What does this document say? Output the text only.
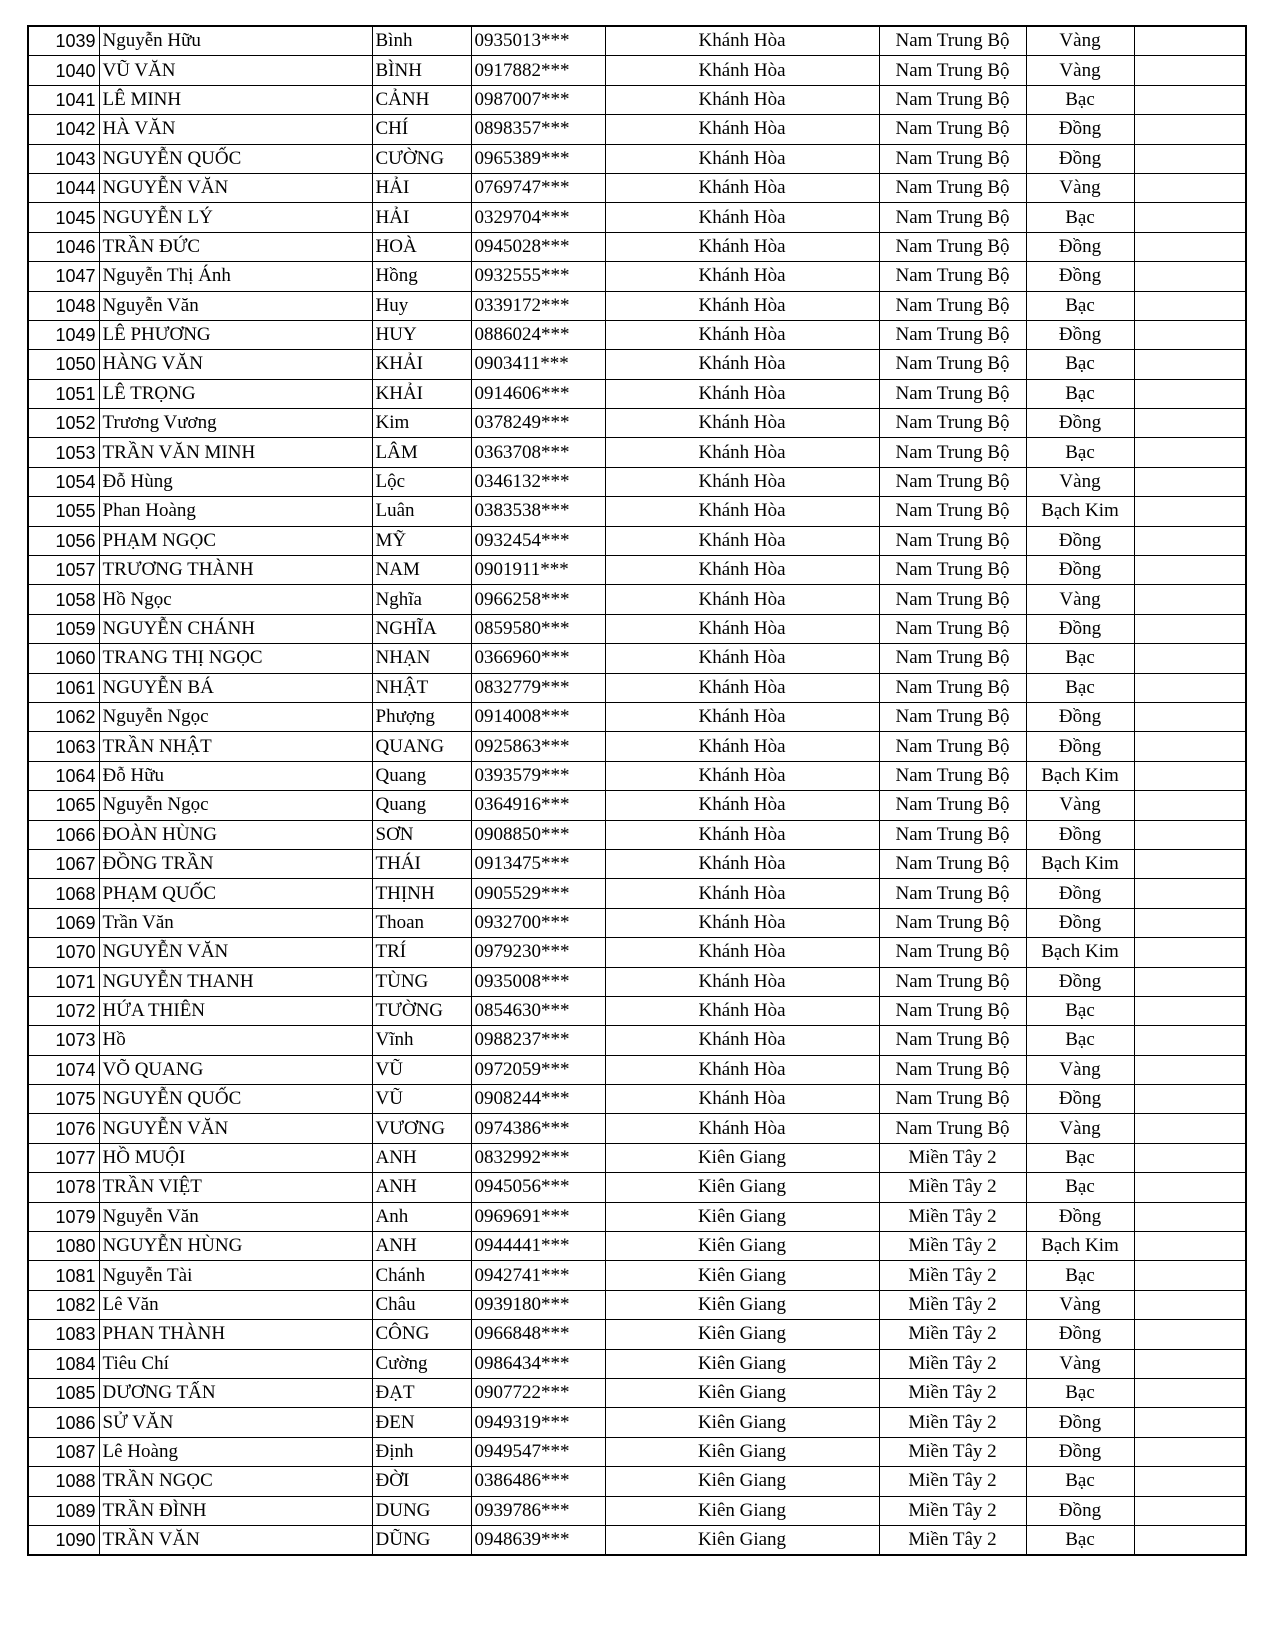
1039	Nguyễn Hữu	Bình	0935013***	Khánh Hòa	Nam Trung Bộ	Vàng	
1040	VŨ VĂN	BÌNH	0917882***	Khánh Hòa	Nam Trung Bộ	Vàng	
1041	LÊ MINH	CẢNH	0987007***	Khánh Hòa	Nam Trung Bộ	Bạc	
1042	HÀ VĂN	CHÍ	0898357***	Khánh Hòa	Nam Trung Bộ	Đồng	
1043	NGUYỄN QUỐC	CƯỜNG	0965389***	Khánh Hòa	Nam Trung Bộ	Đồng	
1044	NGUYỄN VĂN	HẢI	0769747***	Khánh Hòa	Nam Trung Bộ	Vàng	
1045	NGUYỄN LÝ	HẢI	0329704***	Khánh Hòa	Nam Trung Bộ	Bạc	
1046	TRẦN ĐỨC	HOÀ	0945028***	Khánh Hòa	Nam Trung Bộ	Đồng	
1047	Nguyễn Thị Ánh	Hồng	0932555***	Khánh Hòa	Nam Trung Bộ	Đồng	
1048	Nguyễn Văn	Huy	0339172***	Khánh Hòa	Nam Trung Bộ	Bạc	
1049	LÊ PHƯƠNG	HUY	0886024***	Khánh Hòa	Nam Trung Bộ	Đồng	
1050	HÀNG VĂN	KHẢI	0903411***	Khánh Hòa	Nam Trung Bộ	Bạc	
1051	LÊ TRỌNG	KHẢI	0914606***	Khánh Hòa	Nam Trung Bộ	Bạc	
1052	Trương Vương	Kim	0378249***	Khánh Hòa	Nam Trung Bộ	Đồng	
1053	TRẦN VĂN MINH	LÂM	0363708***	Khánh Hòa	Nam Trung Bộ	Bạc	
1054	Đỗ Hùng	Lộc	0346132***	Khánh Hòa	Nam Trung Bộ	Vàng	
1055	Phan Hoàng	Luân	0383538***	Khánh Hòa	Nam Trung Bộ	Bạch Kim	
1056	PHẠM NGỌC	MỸ	0932454***	Khánh Hòa	Nam Trung Bộ	Đồng	
1057	TRƯƠNG THÀNH	NAM	0901911***	Khánh Hòa	Nam Trung Bộ	Đồng	
1058	Hồ Ngọc	Nghĩa	0966258***	Khánh Hòa	Nam Trung Bộ	Vàng	
1059	NGUYỄN CHÁNH	NGHĨA	0859580***	Khánh Hòa	Nam Trung Bộ	Đồng	
1060	TRANG THỊ NGỌC	NHẠN	0366960***	Khánh Hòa	Nam Trung Bộ	Bạc	
1061	NGUYỄN BÁ	NHẬT	0832779***	Khánh Hòa	Nam Trung Bộ	Bạc	
1062	Nguyễn Ngọc	Phượng	0914008***	Khánh Hòa	Nam Trung Bộ	Đồng	
1063	TRẦN NHẬT	QUANG	0925863***	Khánh Hòa	Nam Trung Bộ	Đồng	
1064	Đỗ Hữu	Quang	0393579***	Khánh Hòa	Nam Trung Bộ	Bạch Kim	
1065	Nguyễn Ngọc	Quang	0364916***	Khánh Hòa	Nam Trung Bộ	Vàng	
1066	ĐOÀN HÙNG	SƠN	0908850***	Khánh Hòa	Nam Trung Bộ	Đồng	
1067	ĐỒNG TRẦN	THÁI	0913475***	Khánh Hòa	Nam Trung Bộ	Bạch Kim	
1068	PHẠM QUỐC	THỊNH	0905529***	Khánh Hòa	Nam Trung Bộ	Đồng	
1069	Trần Văn	Thoan	0932700***	Khánh Hòa	Nam Trung Bộ	Đồng	
1070	NGUYỄN VĂN	TRÍ	0979230***	Khánh Hòa	Nam Trung Bộ	Bạch Kim	
1071	NGUYỄN THANH	TÙNG	0935008***	Khánh Hòa	Nam Trung Bộ	Đồng	
1072	HỨA THIÊN	TƯỜNG	0854630***	Khánh Hòa	Nam Trung Bộ	Bạc	
1073	Hồ	Vĩnh	0988237***	Khánh Hòa	Nam Trung Bộ	Bạc	
1074	VÕ QUANG	VŨ	0972059***	Khánh Hòa	Nam Trung Bộ	Vàng	
1075	NGUYỄN QUỐC	VŨ	0908244***	Khánh Hòa	Nam Trung Bộ	Đồng	
1076	NGUYỄN VĂN	VƯƠNG	0974386***	Khánh Hòa	Nam Trung Bộ	Vàng	
1077	HỒ MUỘI	ANH	0832992***	Kiên Giang	Miền Tây 2	Bạc	
1078	TRẦN VIỆT	ANH	0945056***	Kiên Giang	Miền Tây 2	Bạc	
1079	Nguyễn Văn	Anh	0969691***	Kiên Giang	Miền Tây 2	Đồng	
1080	NGUYỄN HÙNG	ANH	0944441***	Kiên Giang	Miền Tây 2	Bạch Kim	
1081	Nguyễn Tài	Chánh	0942741***	Kiên Giang	Miền Tây 2	Bạc	
1082	Lê Văn	Châu	0939180***	Kiên Giang	Miền Tây 2	Vàng	
1083	PHAN THÀNH	CÔNG	0966848***	Kiên Giang	Miền Tây 2	Đồng	
1084	Tiêu Chí	Cường	0986434***	Kiên Giang	Miền Tây 2	Vàng	
1085	DƯƠNG TẤN	ĐẠT	0907722***	Kiên Giang	Miền Tây 2	Bạc	
1086	SỬ VĂN	ĐEN	0949319***	Kiên Giang	Miền Tây 2	Đồng	
1087	Lê Hoàng	Định	0949547***	Kiên Giang	Miền Tây 2	Đồng	
1088	TRẦN NGỌC	ĐỜI	0386486***	Kiên Giang	Miền Tây 2	Bạc	
1089	TRẦN ĐÌNH	DUNG	0939786***	Kiên Giang	Miền Tây 2	Đồng	
1090	TRẦN VĂN	DŨNG	0948639***	Kiên Giang	Miền Tây 2	Bạc	
